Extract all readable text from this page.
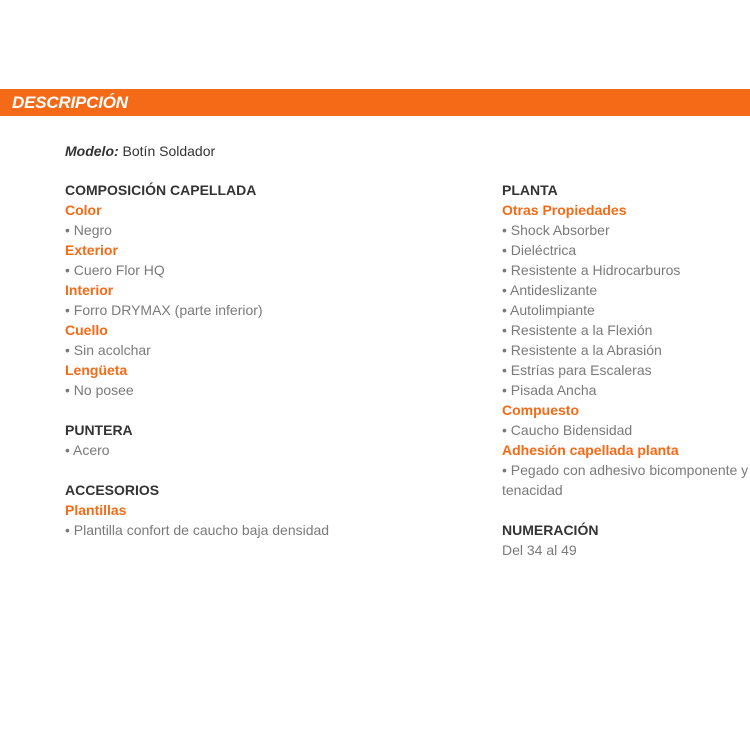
DESCRIPCIÓN
Modelo: Botín Soldador
COMPOSICIÓN CAPELLADA
Color
• Negro
Exterior
• Cuero Flor HQ
Interior
• Forro DRYMAX (parte inferior)
Cuello
• Sin acolchar
Lengüeta
• No posee
PUNTERA
• Acero
ACCESORIOS
Plantillas
• Plantilla confort de caucho baja densidad
PLANTA
Otras Propiedades
• Shock Absorber
• Dieléctrica
• Resistente a Hidrocarburos
• Antideslizante
• Autolimpiante
• Resistente a la Flexión
• Resistente a la Abrasión
• Estrías para Escaleras
• Pisada Ancha
Compuesto
• Caucho Bidensidad
Adhesión capellada planta
• Pegado con adhesivo bicomponente y
tenacidad
NUMERACIÓN
Del 34 al 49
